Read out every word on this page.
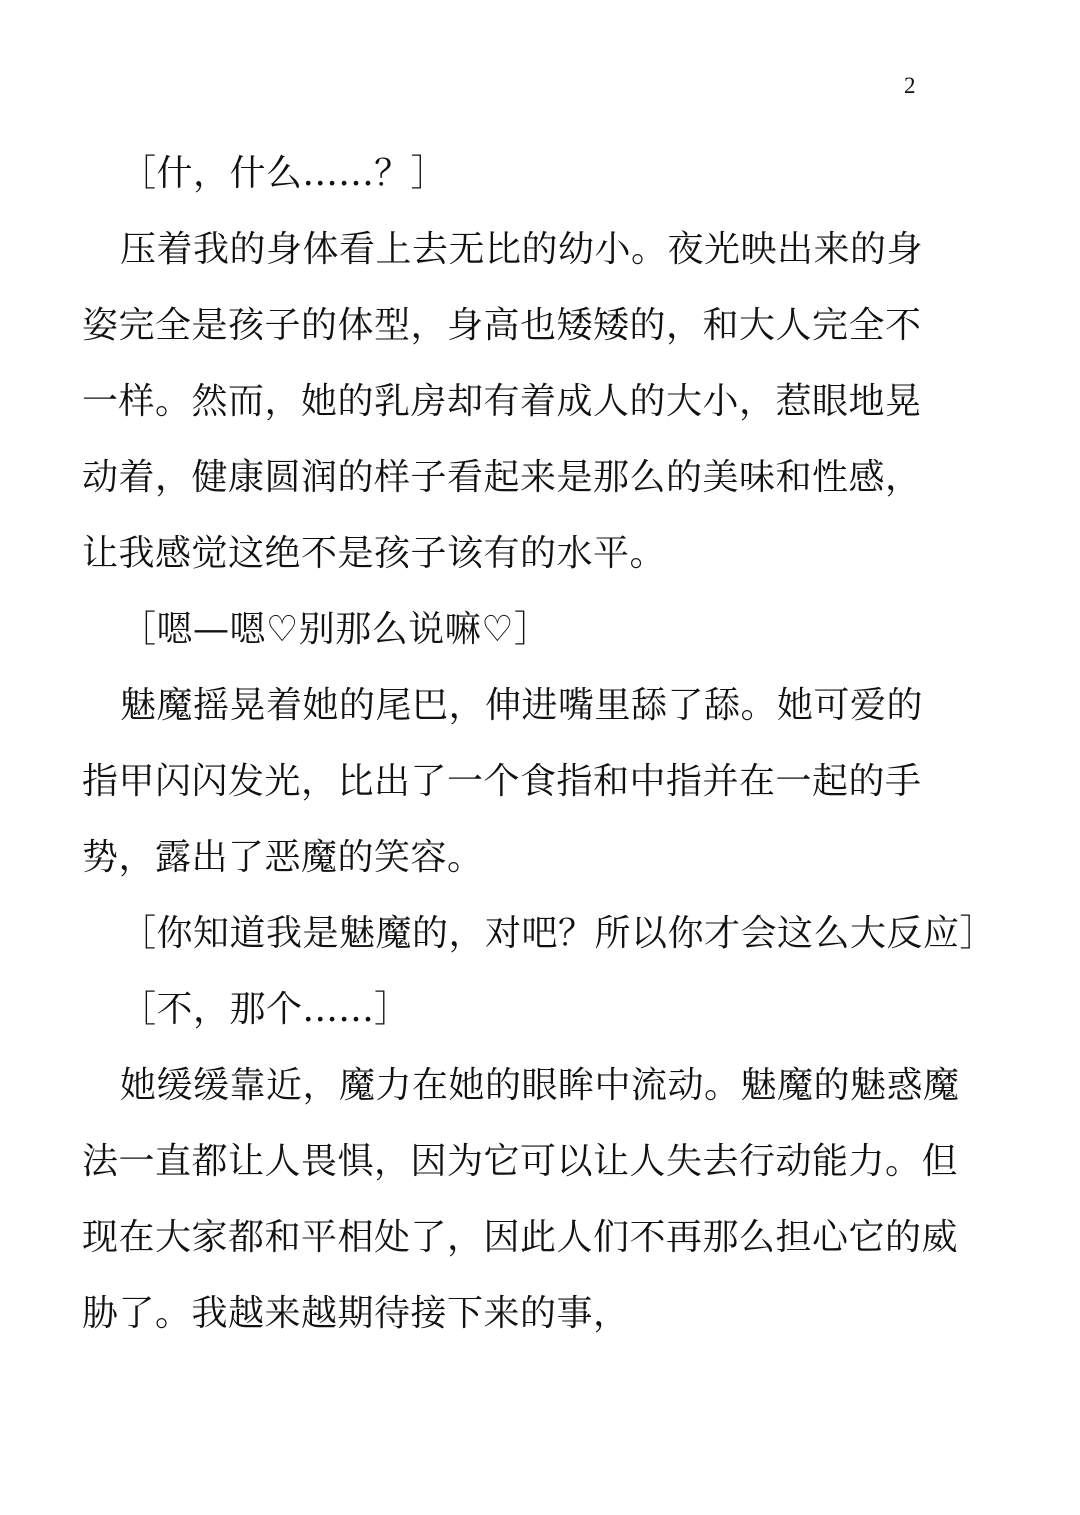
2
［什，什么......？］
压着我的身体看上去无比的幼小。夜光映出来的身
姿完全是孩子的体型，身高也矮矮的，和大人完全不
一样。然而，她的乳房却有着成人的大小，惹眼地晃
动着，健康圆润的样子看起来是那么的美味和性感，
让我感觉这绝不是孩子该有的水平。
［嗯—嗯♡别那么说嘛♡］
魅魔摇晃着她的尾巴，伸进嘴里舔了舔。她可爱的
指甲闪闪发光，比出了一个食指和中指并在一起的手
势，露出了恶魔的笑容。
［你知道我是魅魔的，对吧？所以你才会这么大反应］
［不，那个......］
她缓缓靠近，魔力在她的眼眸中流动。魅魔的魅惑魔
法一直都让人畏惧，因为它可以让人失去行动能力。但
现在大家都和平相处了，因此人们不再那么担心它的威
胁了。我越来越期待接下来的事，
